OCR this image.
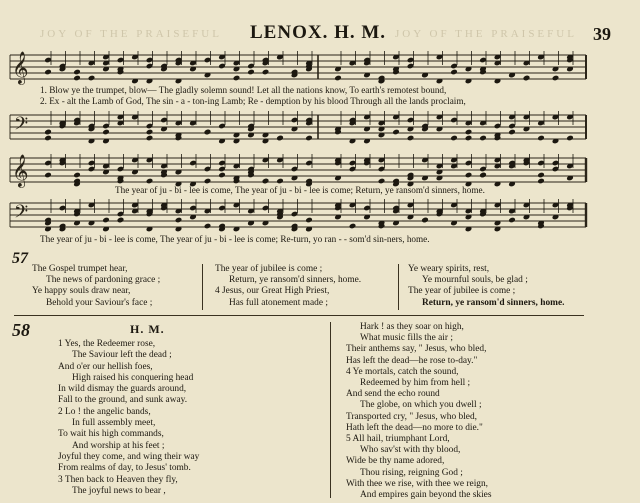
JOY OF THE PRAISEFUL	JOY OF THE PRAISEFUL
LENOX. H. M.	39
𝄞
1. Blow ye the trumpet, blow— The gladly solemn sound! Let all the nations know, To earth's remotest bound,
2. Ex - alt the Lamb of God, The sin - a - ton-ing Lamb; Re - demption by his blood Through all the lands proclaim,
𝄢
𝄞
The year of ju - bi - lee is come, The year of ju - bi - lee is come; Return, ye ransom'd sinners, home.
𝄢
The year of ju - bi - lee is come, The year of ju - bi - lee is come; Re-turn, yo ran - - som'd sin-ners, home.
57
The Gospel trumpet hear,
The news of pardoning grace ;
Ye happy souls draw near,
Behold your Saviour's face ;
The year of jubilee is come ;
Return, ye ransom'd sinners, home.
4 Jesus, our Great High Priest,
Has full atonement made ;
Ye weary spirits, rest,
Ye mournful souls, be glad ;
The year of jubilee is come ;
Return, ye ransom'd sinners, home.
58	H. M.
1 Yes, the Redeemer rose,
The Saviour left the dead ;
And o'er our hellish foes,
High raised his conquering head
In wild dismay the guards around,
Fall to the ground, and sunk away.
2 Lo ! the angelic bands,
In full assembly meet,
To wait his high commands,
And worship at his feet ;
Joyful they come, and wing their way
From realms of day, to Jesus' tomb.
3 Then back to Heaven they fly,
The joyful news to bear ,
Hark ! as they soar on high,
What music fills the air ;
Their anthems say, " Jesus, who bled,
Has left the dead—he rose to-day."
4 Ye mortals, catch the sound,
Redeemed by him from hell ;
And send the echo round
The globe, on which you dwell ;
Transported cry, " Jesus, who bled,
Hath left the dead—no more to die."
5 All hail, triumphant Lord,
Who sav'st with thy blood,
Wide be thy name adored,
Thou rising, reigning God ;
With thee we rise, with thee we reign,
And empires gain beyond the skies
